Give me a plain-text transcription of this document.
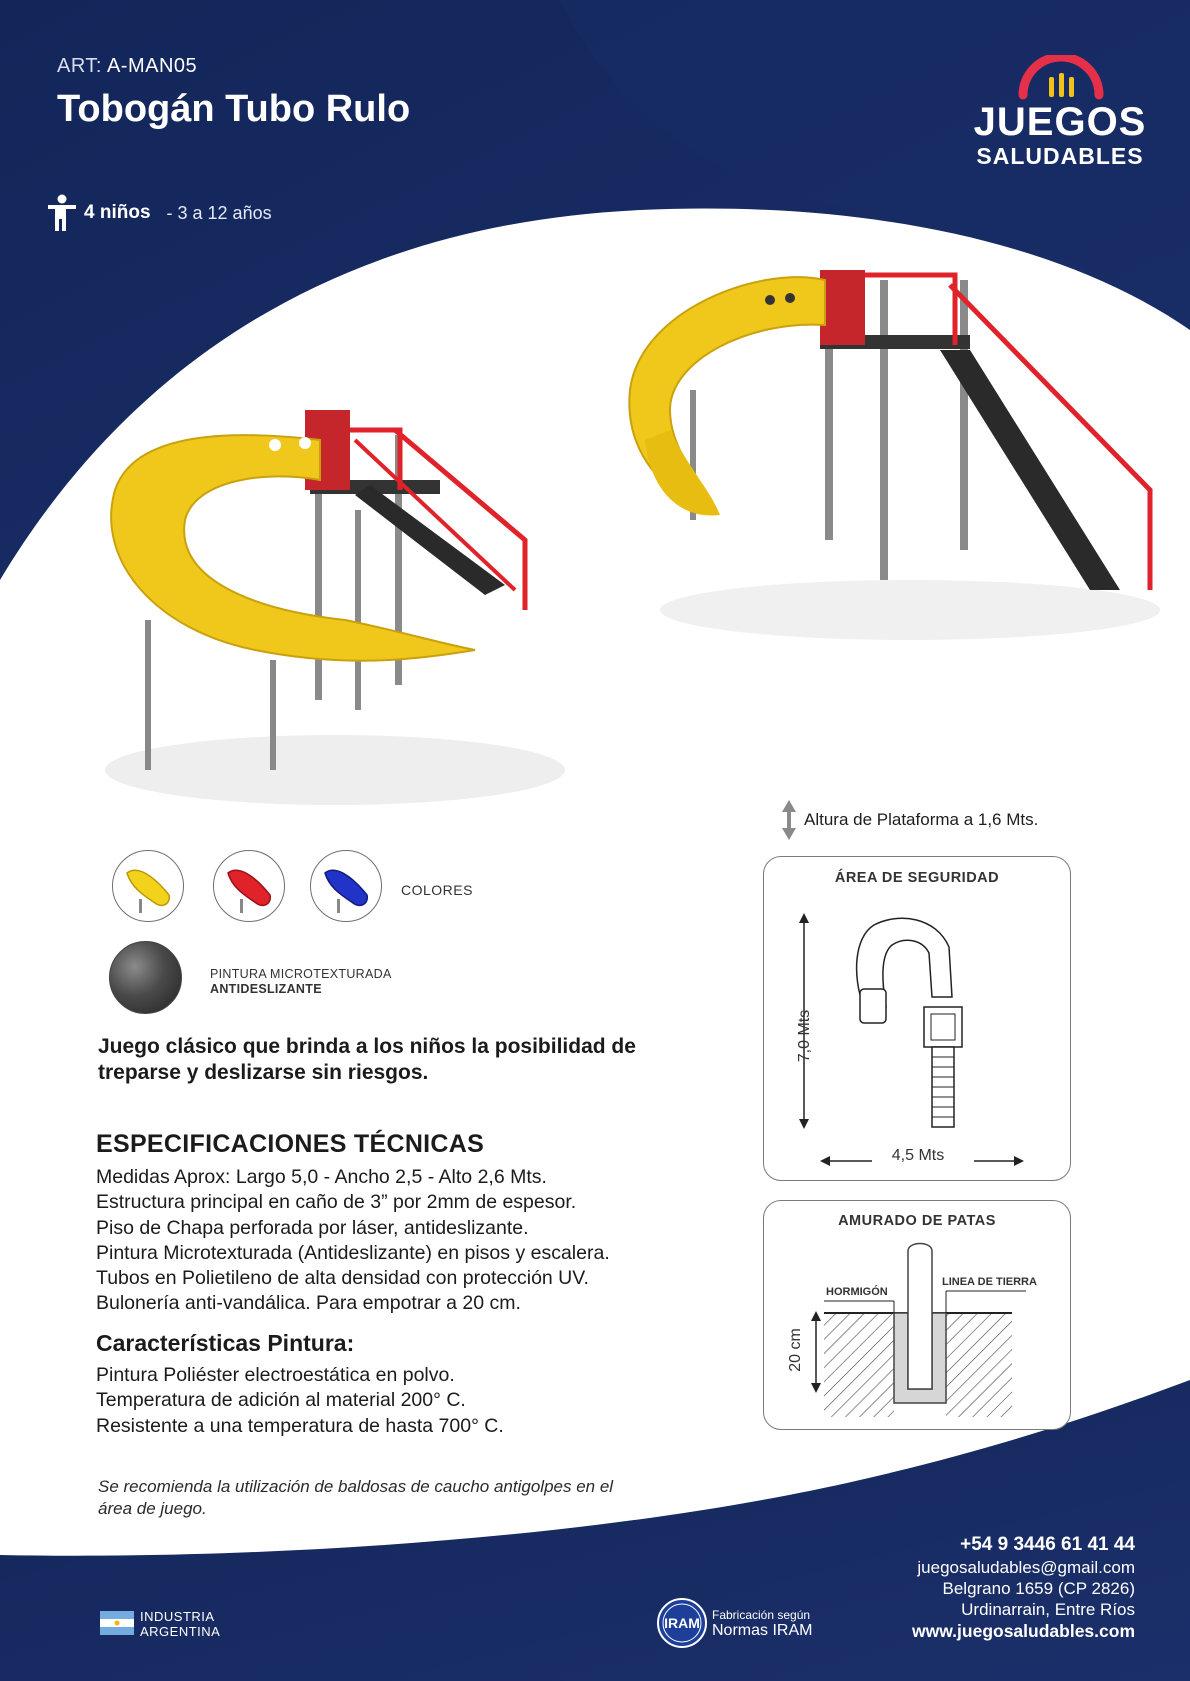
ART: A-MAN05
Tobogán Tubo Rulo
4 niños - 3 a 12 años
JUEGOS
SALUDABLES
Altura de Plataforma a 1,6 Mts.
COLORES
PINTURA MICROTEXTURADA
ANTIDESLIZANTE
Juego clásico que brinda a los niños la posibilidad de treparse y deslizarse sin riesgos.
ESPECIFICACIONES TÉCNICAS
Medidas Aprox: Largo 5,0 - Ancho 2,5 - Alto 2,6 Mts.
Estructura principal en caño de 3” por 2mm de espesor.
Piso de Chapa perforada por láser, antideslizante.
Pintura Microtexturada (Antideslizante) en pisos y escalera.
Tubos en Polietileno de alta densidad con protección UV.
Bulonería anti-vandálica. Para empotrar a 20 cm.
Características Pintura:
Pintura Poliéster electroestática en polvo.
Temperatura de adición al material 200° C.
Resistente a una temperatura de hasta 700° C.
Se recomienda la utilización de baldosas de caucho antigolpes en el área de juego.
ÁREA DE SEGURIDAD
7,0 Mts
4,5 Mts
AMURADO DE PATAS
HORMIGÓN
LINEA DE TIERRA
20 cm
+54 9 3446 61 41 44
juegosaludables@gmail.com
Belgrano 1659 (CP 2826)
Urdinarrain, Entre Ríos
www.juegosaludables.com
INDUSTRIA
ARGENTINA
IRAM Fabricación según
Normas IRAM
